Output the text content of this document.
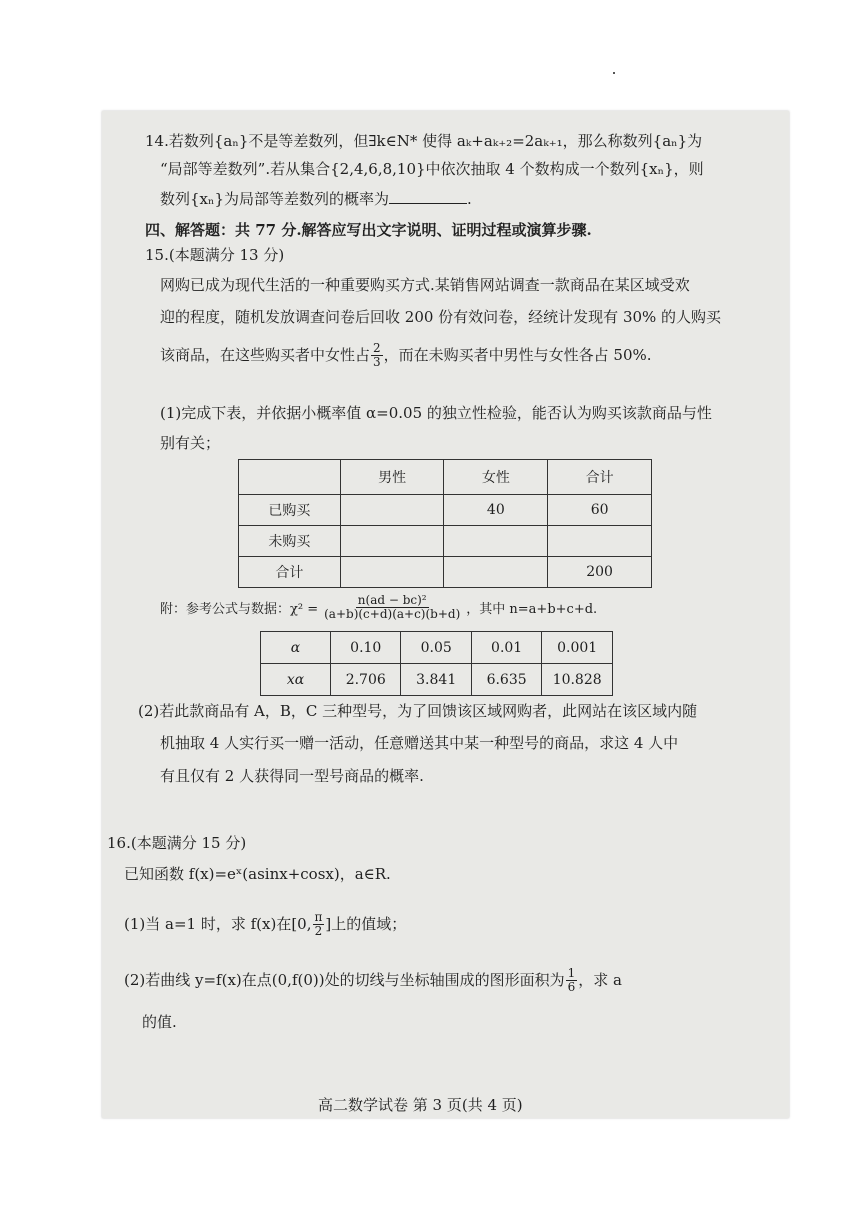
14.若数列{aₙ}不是等差数列，但∃k∈N* 使得 aₖ+aₖ₊₂=2aₖ₊₁，那么称数列{aₙ}为
“局部等差数列”.若从集合{2,4,6,8,10}中依次抽取 4 个数构成一个数列{xₙ}，则
数列{xₙ}为局部等差数列的概率为	.
四、解答题：共 77 分.解答应写出文字说明、证明过程或演算步骤.
15.(本题满分 13 分)
网购已成为现代生活的一种重要购买方式.某销售网站调查一款商品在某区域受欢
迎的程度，随机发放调查问卷后回收 200 份有效问卷，经统计发现有 30% 的人购买
该商品，在这些购买者中女性占 $\frac{2}{3}$ ，而在未购买者中男性与女性各占 50%.
(1)完成下表，并依据小概率值 α=0.05 的独立性检验，能否认为购买该款商品与性
别有关；
	男性	女性	合计
已购买		40	60
未购买			
合计			200
附：参考公式与数据：$\chi^2 = \frac{\text{n(ad − bc)²}}{(a+b)(c+d)(a+c)(b+d)}$ ，其中 n=a+b+c+d.
α	0.10	0.05	0.01	0.001
xα	2.706	3.841	6.635	10.828
(2)若此款商品有 A，B，C 三种型号，为了回馈该区域网购者，此网站在该区域内随
机抽取 4 人实行买一赠一活动，任意赠送其中某一种型号的商品，求这 4 人中
有且仅有 2 人获得同一型号商品的概率.
16.(本题满分 15 分)
已知函数 f(x)=eˣ(asinx+cosx)，a∈R.
(1)当 a=1 时，求 f(x)在[0, $\frac{\pi}{2}$ ]上的值域；
(2)若曲线 y=f(x)在点(0,f(0))处的切线与坐标轴围成的图形面积为 $\frac{1}{6}$ ，求 a
的值.
高二数学试卷 第 3 页(共 4 页)
